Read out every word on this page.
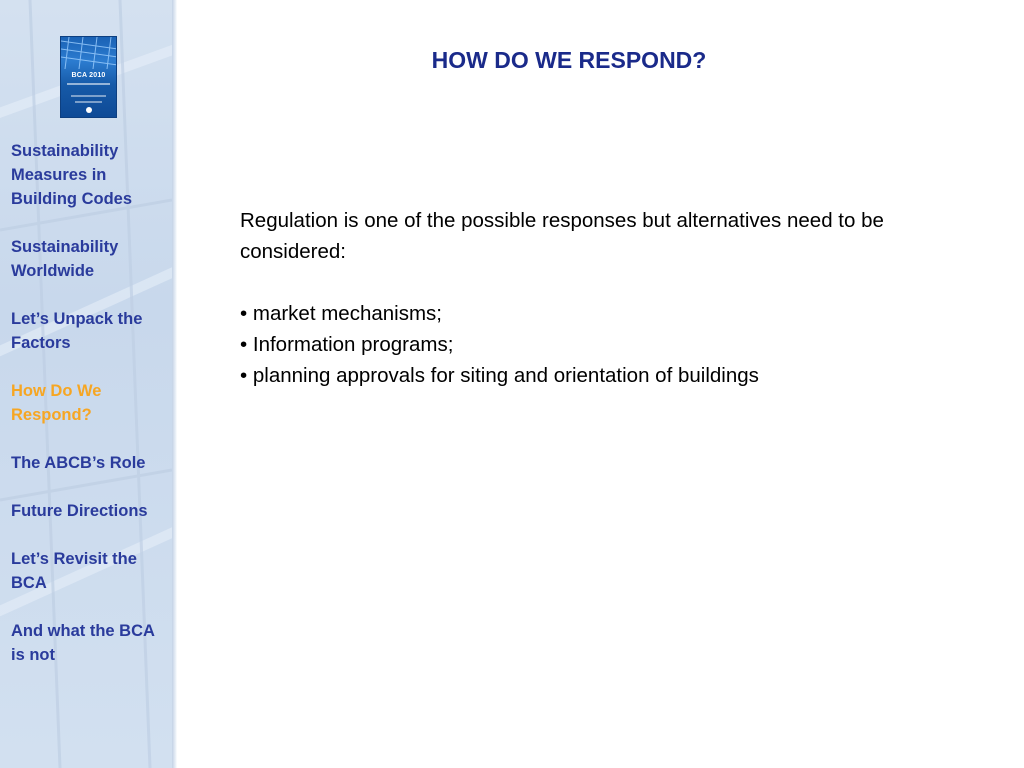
BCA 2010
Sustainability Measures in Building Codes
Sustainability Worldwide
Let’s Unpack the Factors
How Do We Respond?
The ABCB’s Role
Future Directions
Let’s Revisit the BCA
And what the BCA is not
HOW DO WE RESPOND?

Regulation is one of the possible responses but alternatives need to be considered:

• market mechanisms;

• Information programs;

• planning approvals for siting and orientation of buildings
